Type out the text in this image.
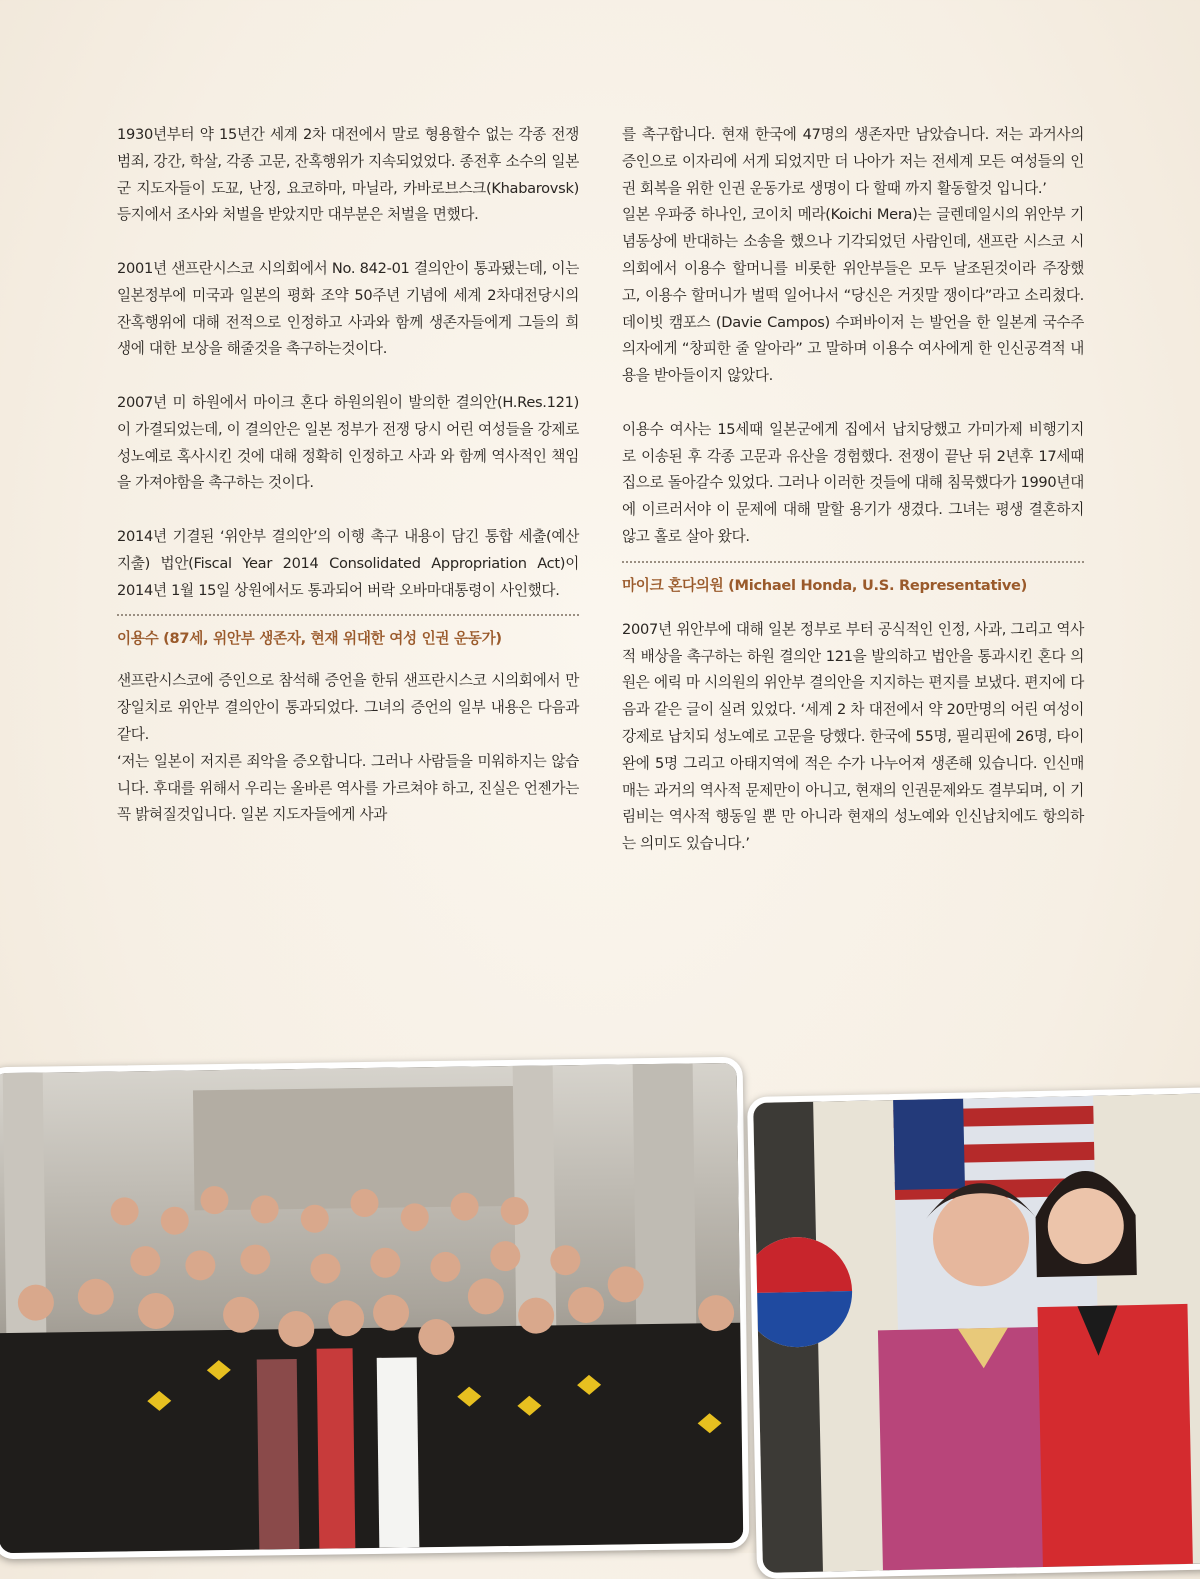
1930년부터 약 15년간 세계 2차 대전에서 말로 형용할수 없는 각종 전쟁범죄, 강간, 학살, 각종 고문, 잔혹행위가 지속되었었다. 종전후 소수의 일본 군 지도자들이 도꾜, 난징, 요코하마, 마닐라, 카바로브스크(Khabarovsk)등지에서 조사와 처벌을 받았지만 대부분은 처벌을 면했다.

2001년 샌프란시스코 시의회에서 No. 842-01 결의안이 통과됐는데, 이는 일본정부에 미국과 일본의 평화 조약 50주년 기념에 세계 2차대전당시의 잔혹행위에 대해 전적으로 인정하고 사과와 함께 생존자들에게 그들의 희생에 대한 보상을 해줄것을 촉구하는것이다.

2007년 미 하원에서 마이크 혼다 하원의원이 발의한 결의안(H.Res.121)이 가결되었는데, 이 결의안은 일본 정부가 전쟁 당시 어린 여성들을 강제로 성노예로 혹사시킨 것에 대해 정확히 인정하고 사과 와 함께 역사적인 책임을 가져야함을 촉구하는 것이다.

2014년 기결된 ‘위안부 결의안’의 이행 촉구 내용이 담긴 통합 세출(예산 지출) 법안(Fiscal Year 2014 Consolidated Appropriation Act)이 2014년 1월 15일 상원에서도 통과되어 버락 오바마대통령이 사인했다.

이용수 (87세, 위안부 생존자, 현재 위대한 여성 인권 운동가)

샌프란시스코에 증인으로 참석해 증언을 한뒤 샌프란시스코 시의회에서 만장일치로 위안부 결의안이 통과되었다. 그녀의 증언의 일부 내용은 다음과 같다.

‘저는 일본이 저지른 죄악을 증오합니다. 그러나 사람들을 미워하지는 않습니다. 후대를 위해서 우리는 올바른 역사를 가르쳐야 하고, 진실은 언젠가는 꼭 밝혀질것입니다. 일본 지도자들에게 사과

를 촉구합니다. 현재 한국에 47명의 생존자만 남았습니다. 저는 과거사의 증인으로 이자리에 서게 되었지만 더 나아가 저는 전세계 모든 여성들의 인권 회복을 위한 인권 운동가로 생명이 다 할때 까지 활동할것 입니다.’

일본 우파중 하나인, 코이치 메라(Koichi Mera)는 글렌데일시의 위안부 기념동상에 반대하는 소송을 했으나 기각되었던 사람인데, 샌프란 시스코 시의회에서 이용수 할머니를 비롯한 위안부들은 모두 날조된것이라 주장했고, 이용수 할머니가 벌떡 일어나서 “당신은 거짓말 쟁이다”라고 소리쳤다. 데이빗 캠포스 (Davie Campos) 수퍼바이저 는 발언을 한 일본계 국수주의자에게 “창피한 줄 알아라” 고 말하며 이용수 여사에게 한 인신공격적 내용을 받아들이지 않았다.

이용수 여사는 15세때 일본군에게 집에서 납치당했고 가미가제 비행기지로 이송된 후 각종 고문과 유산을 경험했다. 전쟁이 끝난 뒤 2년후 17세때 집으로 돌아갈수 있었다. 그러나 이러한 것들에 대해 침묵했다가 1990년대에 이르러서야 이 문제에 대해 말할 용기가 생겼다. 그녀는 평생 결혼하지 않고 홀로 살아 왔다.

마이크 혼다의원 (Michael Honda, U.S. Representative)

2007년 위안부에 대해 일본 정부로 부터 공식적인 인정, 사과, 그리고 역사적 배상을 촉구하는 하원 결의안 121을 발의하고 법안을 통과시킨 혼다 의원은 에릭 마 시의원의 위안부 결의안을 지지하는 편지를 보냈다. 편지에 다음과 같은 글이 실려 있었다. ‘세계 2 차 대전에서 약 20만명의 어린 여성이 강제로 납치되 성노예로 고문을 당했다. 한국에 55명, 필리핀에 26명, 타이완에 5명 그리고 아태지역에 적은 수가 나누어져 생존해 있습니다. 인신매매는 과거의 역사적 문제만이 아니고, 현재의 인권문제와도 결부되며, 이 기림비는 역사적 행동일 뿐 만 아니라 현재의 성노예와 인신납치에도 항의하는 의미도 있습니다.’
